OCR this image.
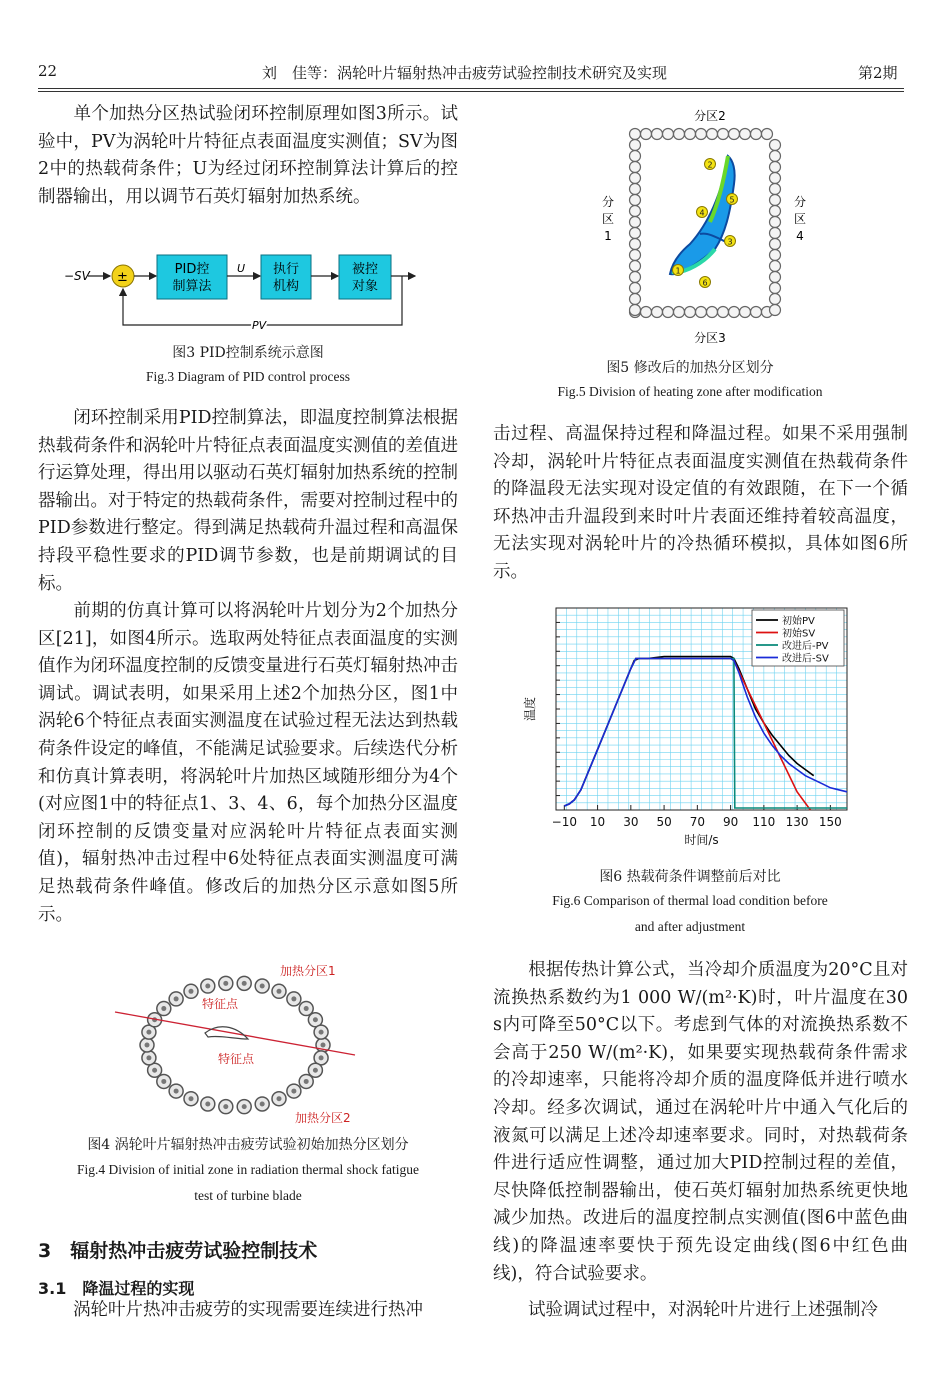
22	刘　佳等：涡轮叶片辐射热冲击疲劳试验控制技术研究及实现	第2期

　　单个加热分区热试验闭环控制原理如图3所示。试验中，PV为涡轮叶片特征点表面温度实测值；SV为图2中的热载荷条件；U为经过闭环控制算法计算后的控制器输出，用以调节石英灯辐射加热系统。

−SV ±
PID控
制算法
U 执行
机构
被控
对象
PV
图3 PID控制系统示意图
Fig.3 Diagram of PID control process

　　闭环控制采用PID控制算法，即温度控制算法根据热载荷条件和涡轮叶片特征点表面温度实测值的差值进行运算处理，得出用以驱动石英灯辐射加热系统的控制器输出。对于特定的热载荷条件，需要对控制过程中的PID参数进行整定。得到满足热载荷升温过程和高温保持段平稳性要求的PID调节参数，也是前期调试的目标。

　　前期的仿真计算可以将涡轮叶片划分为2个加热分区[21]，如图4所示。选取两处特征点表面温度的实测值作为闭环温度控制的反馈变量进行石英灯辐射热冲击调试。调试表明，如果采用上述2个加热分区，图1中涡轮6个特征点表面实测温度在试验过程无法达到热载荷条件设定的峰值，不能满足试验要求。后续迭代分析和仿真计算表明，将涡轮叶片加热区域随形细分为4个(对应图1中的特征点1、3、4、6，每个加热分区温度闭环控制的反馈变量对应涡轮叶片特征点表面实测值)，辐射热冲击过程中6处特征点表面实测温度可满足热载荷条件峰值。修改后的加热分区示意如图5所示。

加热分区1
加热分区2
特征点
特征点
图4 涡轮叶片辐射热冲击疲劳试验初始加热分区划分
Fig.4 Division of initial zone in radiation thermal shock fatigue
test of turbine blade
3　辐射热冲击疲劳试验控制技术
3.1　降温过程的实现

　　涡轮叶片热冲击疲劳的实现需要连续进行热冲

分区2
分区3
分
区
1
分
区
4
1
2
3
4
5
6
图5 修改后的加热分区划分
Fig.5 Division of heating zone after modification

击过程、高温保持过程和降温过程。如果不采用强制冷却，涡轮叶片特征点表面温度实测值在热载荷条件的降温段无法实现对设定值的有效跟随，在下一个循环热冲击升温段到来时叶片表面还维持着较高温度，无法实现对涡轮叶片的冷热循环模拟，具体如图6所示。

−10 10 30 50 70 90 110 130 150
时间/s
温度
初始PV
初始SV
改进后-PV
改进后-SV
图6 热载荷条件调整前后对比
Fig.6 Comparison of thermal load condition before
and after adjustment

　　根据传热计算公式，当冷却介质温度为20°C且对流换热系数约为1 000 W/(m²·K)时，叶片温度在30 s内可降至50°C以下。考虑到气体的对流换热系数不会高于250 W/(m²·K)，如果要实现热载荷条件需求的冷却速率，只能将冷却介质的温度降低并进行喷水冷却。经多次调试，通过在涡轮叶片中通入气化后的液氮可以满足上述冷却速率要求。同时，对热载荷条件进行适应性调整，通过加大PID控制过程的差值，尽快降低控制器输出，使石英灯辐射加热系统更快地减少加热。改进后的温度控制点实测值(图6中蓝色曲线)的降温速率要快于预先设定曲线(图6中红色曲线)，符合试验要求。

　　试验调试过程中，对涡轮叶片进行上述强制冷
